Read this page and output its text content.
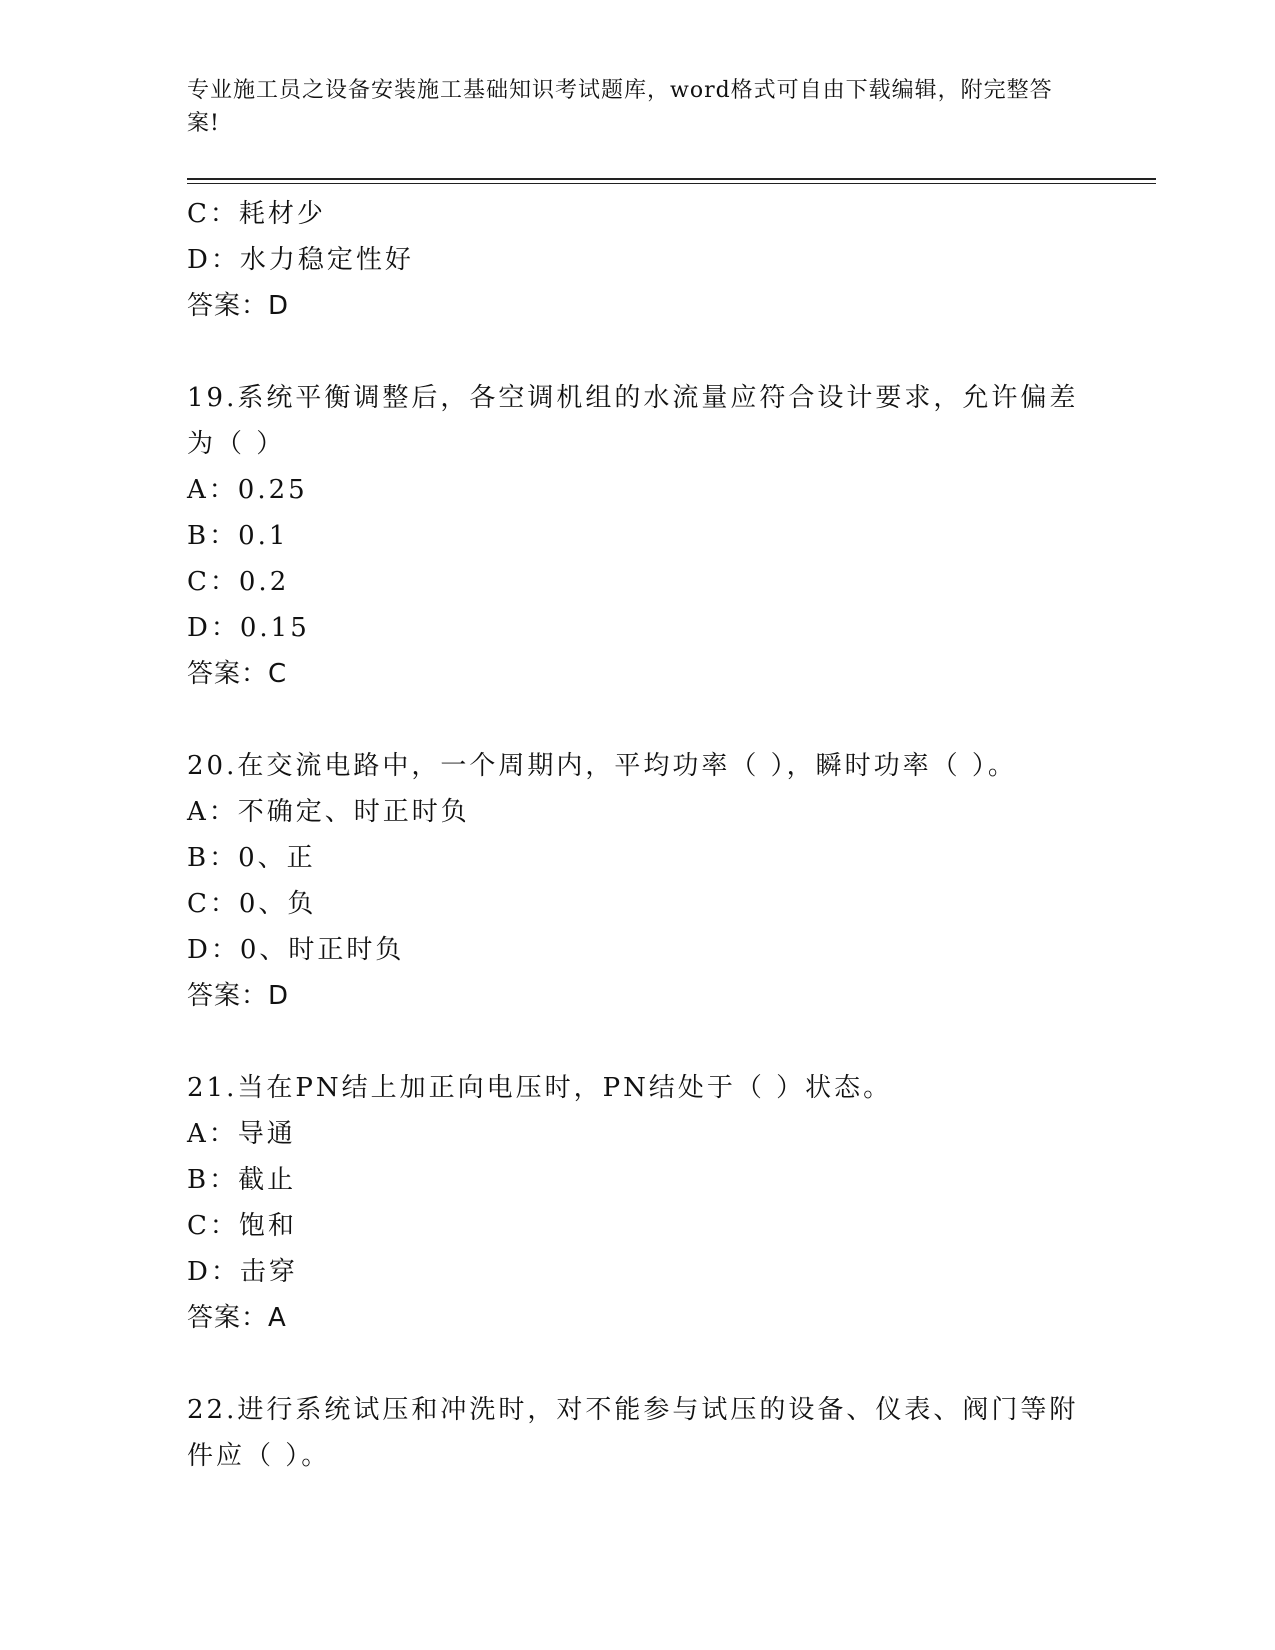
专业施工员之设备安装施工基础知识考试题库，word格式可自由下载编辑，附完整答案!
C：耗材少
D：水力稳定性好
答案：D
19.系统平衡调整后，各空调机组的水流量应符合设计要求，允许偏差为（ ）
A：0.25
B：0.1
C：0.2
D：0.15
答案：C
20.在交流电路中，一个周期内，平均功率（ ），瞬时功率（ ）。
A：不确定、时正时负
B：0、正
C：0、负
D：0、时正时负
答案：D
21.当在PN结上加正向电压时，PN结处于（ ）状态。
A：导通
B：截止
C：饱和
D：击穿
答案：A
22.进行系统试压和冲洗时，对不能参与试压的设备、仪表、阀门等附件应（ ）。
